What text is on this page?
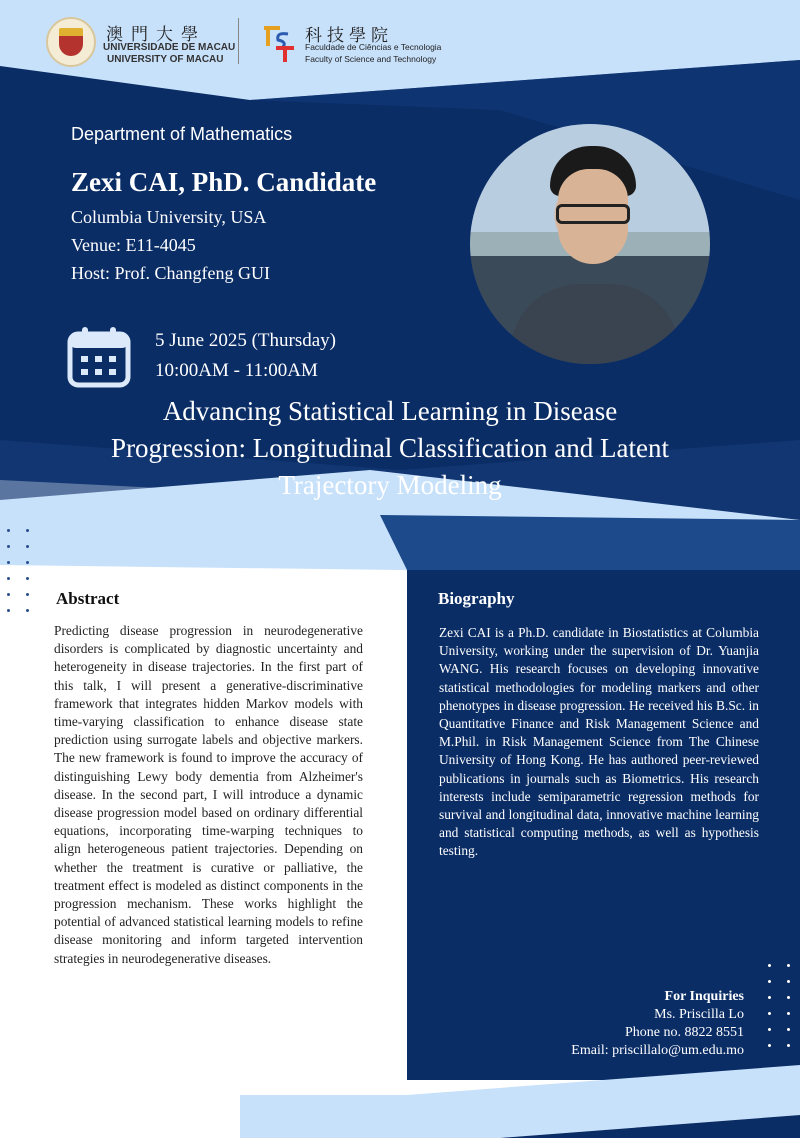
澳門大學
UNIVERSIDADE DE MACAU
UNIVERSITY OF MACAU
科技學院
Faculdade de Ciências e Tecnologia
Faculty of Science and Technology
Department of Mathematics
Zexi CAI, PhD. Candidate
Columbia University, USA
Venue: E11-4045
Host: Prof. Changfeng GUI
5 June 2025 (Thursday)
10:00AM - 11:00AM
Advancing Statistical Learning in Disease
Progression: Longitudinal Classification and Latent
Trajectory Modeling
Abstract
Predicting disease progression in neurodegenerative disorders is complicated by diagnostic uncertainty and heterogeneity in disease trajectories. In the first part of this talk, I will present a generative-discriminative framework that integrates hidden Markov models with time-varying classification to enhance disease state prediction using surrogate labels and objective markers. The new framework is found to improve the accuracy of distinguishing Lewy body dementia from Alzheimer's disease. In the second part, I will introduce a dynamic disease progression model based on ordinary differential equations, incorporating time-warping techniques to align heterogeneous patient trajectories. Depending on whether the treatment is curative or palliative, the treatment effect is modeled as distinct components in the progression mechanism. These works highlight the potential of advanced statistical learning models to refine disease monitoring and inform targeted intervention strategies in neurodegenerative diseases.
Biography
Zexi CAI is a Ph.D. candidate in Biostatistics at Columbia University, working under the supervision of Dr. Yuanjia WANG. His research focuses on developing innovative statistical methodologies for modeling markers and other phenotypes in disease progression. He received his B.Sc. in Quantitative Finance and Risk Management Science and M.Phil. in Risk Management Science from The Chinese University of Hong Kong. He has authored peer-reviewed publications in journals such as Biometrics. His research interests include semiparametric regression methods for survival and longitudinal data, innovative machine learning and statistical computing methods, as well as hypothesis testing.
For Inquiries
Ms. Priscilla Lo
Phone no. 8822 8551
Email: priscillalo@um.edu.mo
